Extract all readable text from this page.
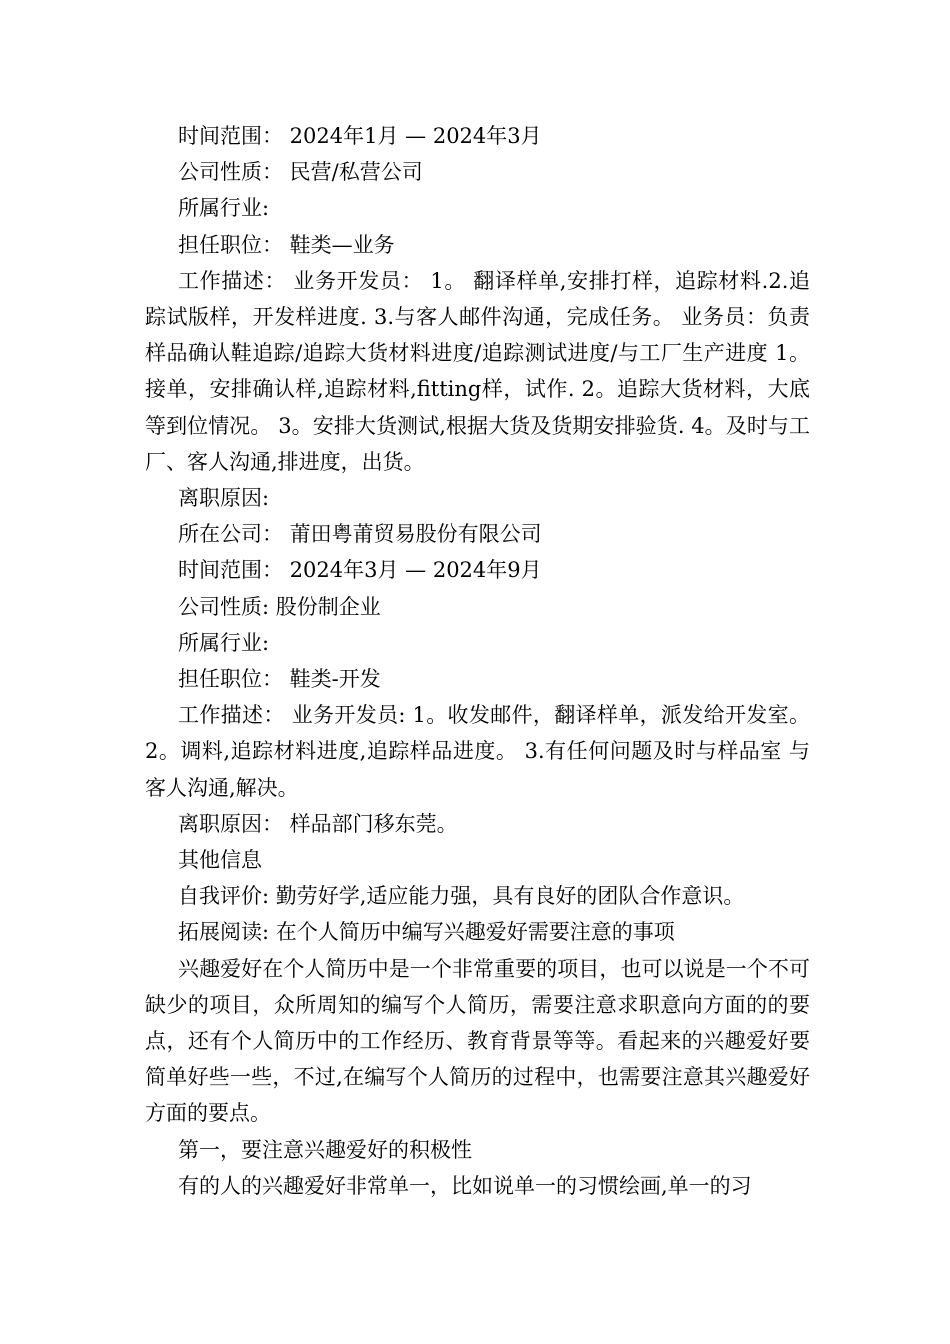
时间范围： 2024年1月 — 2024年3月

公司性质： 民营/私营公司

所属行业:

担任职位： 鞋类—业务

工作描述： 业务开发员： 1。 翻译样单,安排打样，追踪材料.2.追踪试版样，开发样进度. 3.与客人邮件沟通，完成任务。 业务员：负责样品确认鞋追踪/追踪大货材料进度/追踪测试进度/与工厂生产进度 1。接单，安排确认样,追踪材料,fitting样，试作. 2。追踪大货材料，大底等到位情况。 3。安排大货测试,根据大货及货期安排验货. 4。及时与工厂、客人沟通,排进度，出货。

离职原因:

所在公司： 莆田粤莆贸易股份有限公司

时间范围： 2024年3月 — 2024年9月

公司性质: 股份制企业

所属行业:

担任职位： 鞋类-开发

工作描述： 业务开发员: 1。收发邮件，翻译样单，派发给开发室。 2。调料,追踪材料进度,追踪样品进度。 3.有任何问题及时与样品室 与客人沟通,解决。

离职原因： 样品部门移东莞。

其他信息

自我评价: 勤劳好学,适应能力强，具有良好的团队合作意识。

拓展阅读: 在个人简历中编写兴趣爱好需要注意的事项

兴趣爱好在个人简历中是一个非常重要的项目，也可以说是一个不可缺少的项目，众所周知的编写个人简历，需要注意求职意向方面的的要点，还有个人简历中的工作经历、教育背景等等。看起来的兴趣爱好要简单好些一些，不过,在编写个人简历的过程中，也需要注意其兴趣爱好方面的要点。

第一，要注意兴趣爱好的积极性

有的人的兴趣爱好非常单一，比如说单一的习惯绘画,单一的习
